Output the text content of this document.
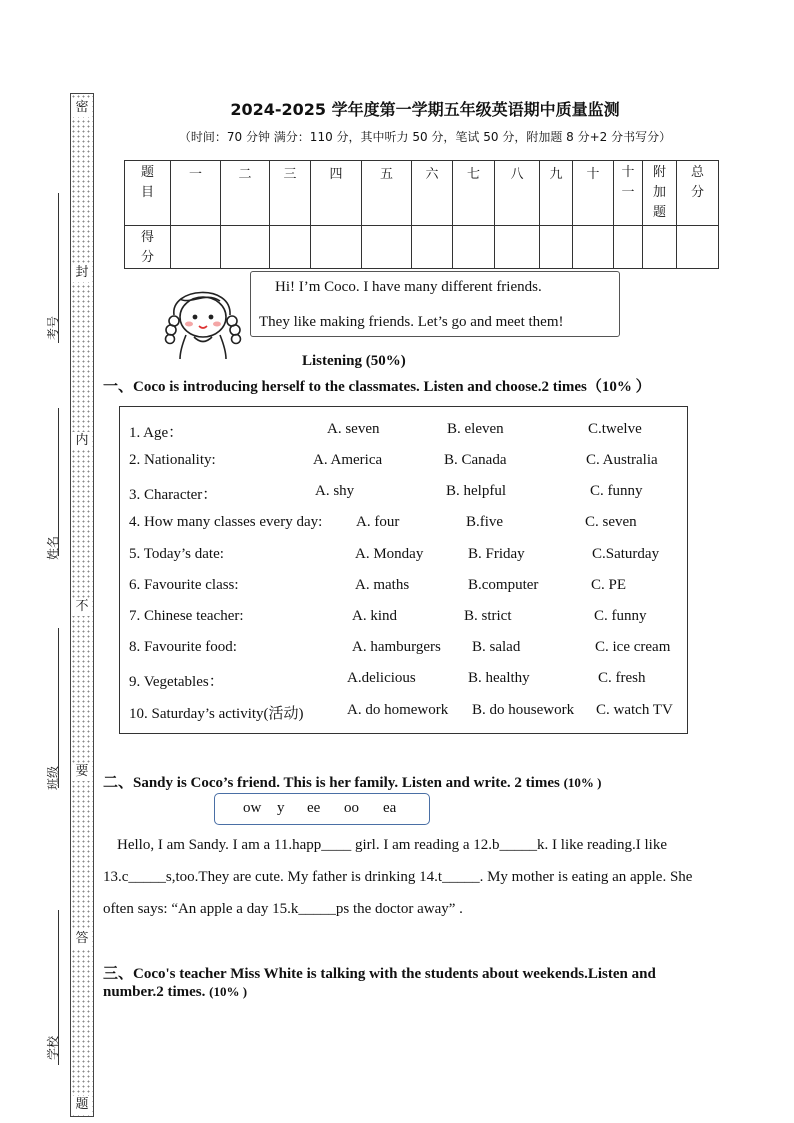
密
封
内
不
要
答
题
考号
姓名
班级
学校
2024-2025 学年度第一学期五年级英语期中质量监测
（时间：70 分钟 满分：110 分，其中听力 50 分，笔试 50 分，附加题 8 分+2 分书写分）
题目	一	二	三	四	五	六	七	八	九	十	十一	附加题	总分
得分													
Hi! I’m Coco. I have many different friends.
They like making friends. Let’s go and meet them!
Listening (50%)
一、Coco is introducing herself to the classmates. Listen and choose.2 times（10% ）
1. Age：	A. seven	B. eleven	C.twelve
2. Nationality:	A. America	B. Canada	C. Australia
3. Character：	A. shy	B. helpful	C. funny
4. How many classes every day: A. four	B.five	C. seven
5. Today’s date:	A. Monday	B. Friday	C.Saturday
6. Favourite class:	A. maths	B.computer	C. PE
7. Chinese teacher:	A. kind	B. strict	C. funny
8. Favourite food:	A. hamburgers B. salad	C. ice cream
9. Vegetables：	A.delicious	B. healthy	C. fresh
10. Saturday’s activity(活动)	A. do homework B. do housework C. watch TV
二、Sandy is Coco’s friend. This is her family. Listen and write. 2 times (10% )
ow y ee oo ea
Hello, I am Sandy. I am a 11.happ____ girl. I am reading a 12.b_____k. I like reading.I like
13.c_____s,too.They are cute. My father is drinking 14.t_____. My mother is eating an apple. She
often says: “An apple a day 15.k_____ps the doctor away” .
三、Coco's teacher Miss White is talking with the students about weekends.Listen and
number.2 times. (10% )
